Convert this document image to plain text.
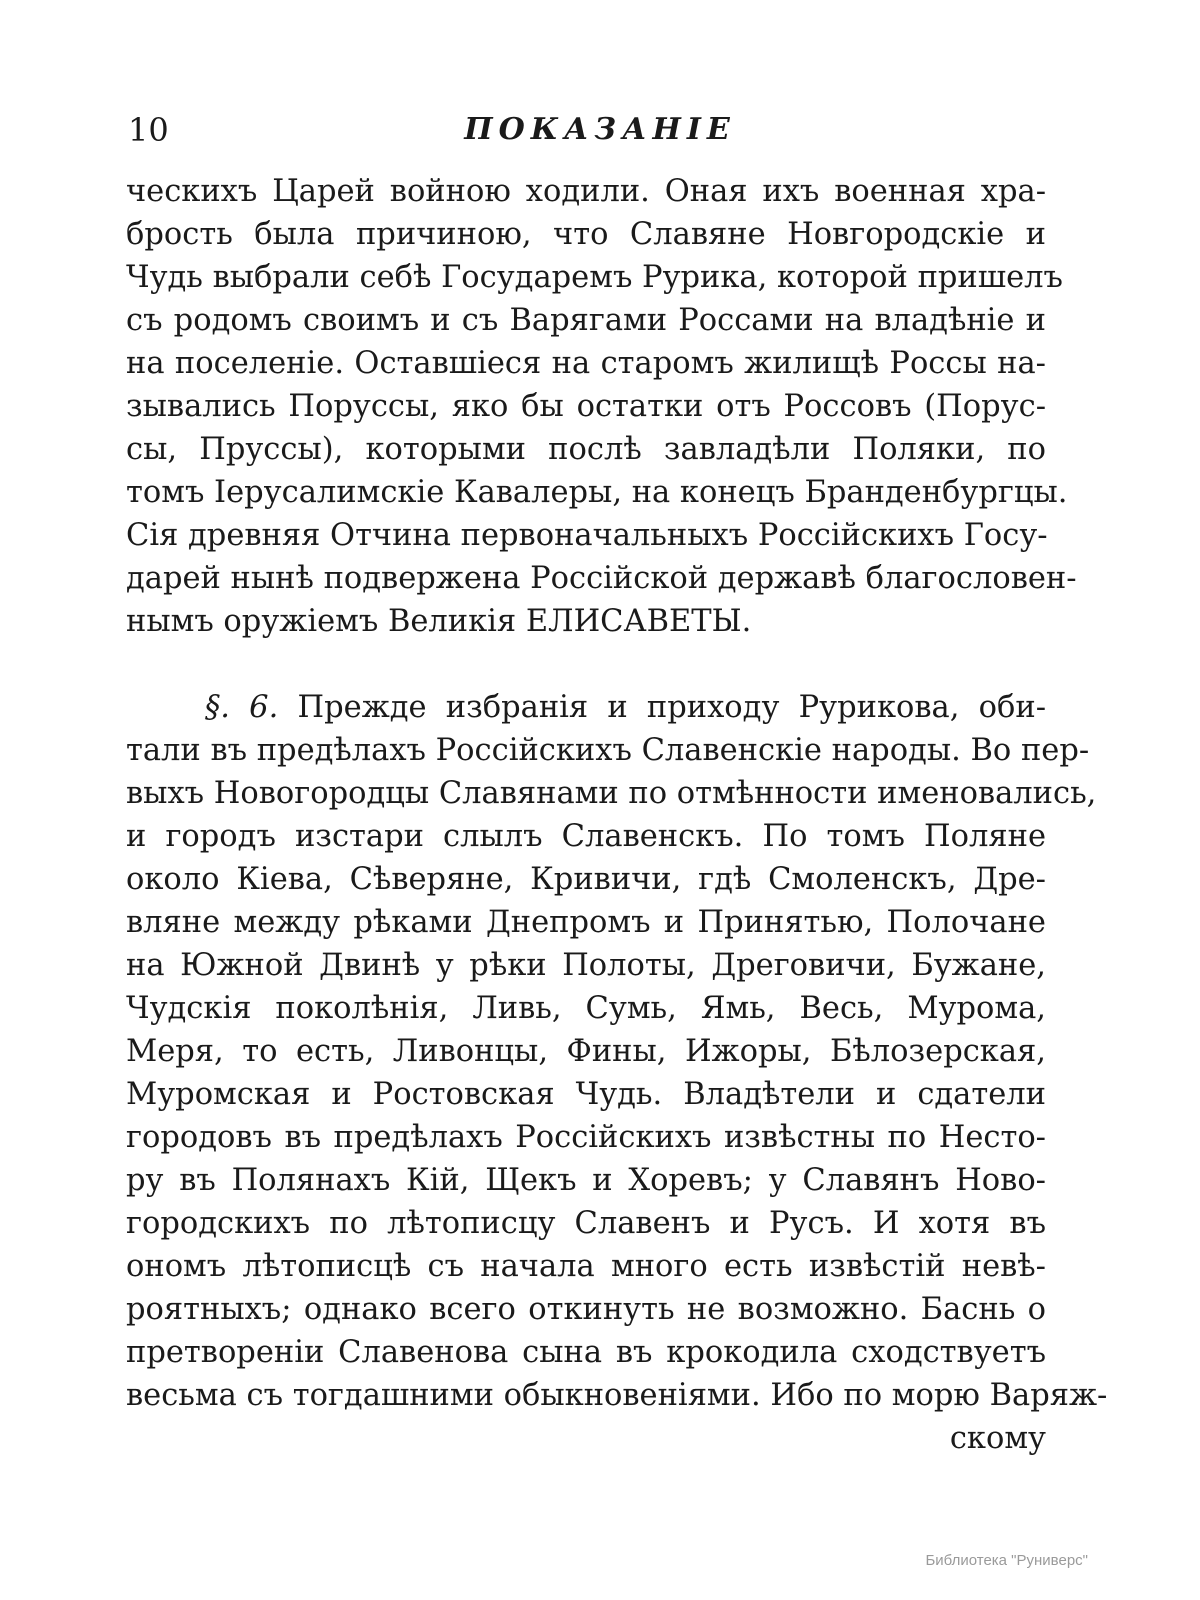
10	ПОКАЗАНІЕ
ческихъ Царей войною ходили. Оная ихъ военная хра-
брость была причиною, что Славяне Новгородскіе и
Чудь выбрали себѣ Государемъ Рурика, которой пришелъ
съ родомъ своимъ и съ Варягами Россами на владѣніе и
на поселеніе. Оставшіеся на старомъ жилищѣ Россы на-
зывались Поруссы, яко бы остатки отъ Россовъ (Порус-
сы, Пруссы), которыми послѣ завладѣли Поляки, по
томъ Іерусалимскіе Кавалеры, на конецъ Бранденбургцы.
Сія древняя Отчина первоначальныхъ Россійскихъ Госу-
дарей нынѣ подвержена Россійской державѣ благословен-
нымъ оружіемъ Великія ЕЛИСАВЕТЫ.
§. 6. Прежде избранія и приходу Рурикова, оби-
тали въ предѣлахъ Россійскихъ Славенскіе народы. Во пер-
выхъ Новогородцы Славянами по отмѣнности именовались,
и городъ изстари слылъ Славенскъ. По томъ Поляне
около Кіева, Сѣверяне, Кривичи, гдѣ Смоленскъ, Дре-
вляне между рѣками Днепромъ и Принятью, Полочане
на Южной Двинѣ у рѣки Полоты, Дреговичи, Бужане,
Чудскія поколѣнія, Ливь, Сумь, Ямь, Весь, Мурома,
Меря, то есть, Ливонцы, Фины, Ижоры, Бѣлозерская,
Муромская и Ростовская Чудь. Владѣтели и сдатели
городовъ въ предѣлахъ Россійскихъ извѣстны по Несто-
ру въ Полянахъ Кій, Щекъ и Хоревъ; у Славянъ Ново-
городскихъ по лѣтописцу Славенъ и Русъ. И хотя въ
ономъ лѣтописцѣ съ начала много есть извѣстій невѣ-
роятныхъ; однако всего откинуть не возможно. Баснь о
претвореніи Славенова сына въ крокодила сходствуетъ
весьма съ тогдашними обыкновеніями. Ибо по морю Варяж-
скому
Библиотека "Руниверс"
